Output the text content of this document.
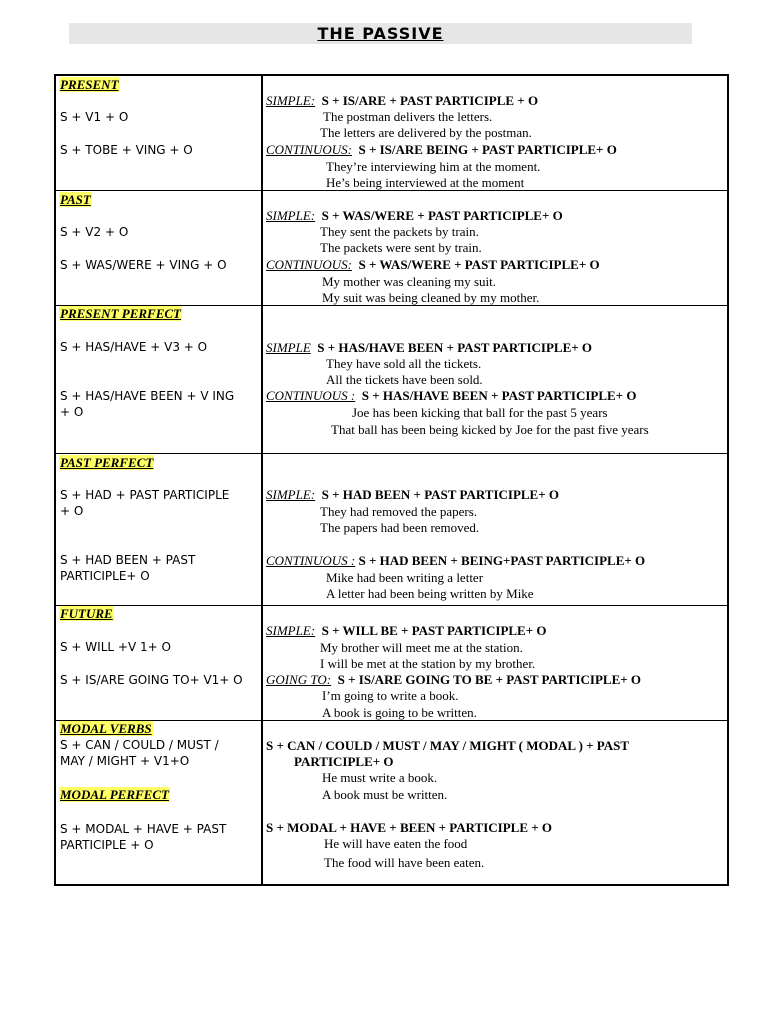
THE PASSIVE
PRESENT
S + V1 + O
S + TOBE + VING + O
SIMPLE: S + IS/ARE + PAST PARTICIPLE + O
The postman delivers the letters.
The letters are delivered by the postman.
CONTINUOUS: S + IS/ARE BEING + PAST PARTICIPLE+ O
They’re interviewing him at the moment.
He’s being interviewed at the moment
PAST
S + V2 + O
S + WAS/WERE + VING + O
SIMPLE: S + WAS/WERE + PAST PARTICIPLE+ O
They sent the packets by train.
The packets were sent by train.
CONTINUOUS: S + WAS/WERE + PAST PARTICIPLE+ O
My mother was cleaning my suit.
My suit was being cleaned by my mother.
PRESENT PERFECT
S + HAS/HAVE + V3 + O
S + HAS/HAVE BEEN + V ING
+ O
SIMPLE S + HAS/HAVE BEEN + PAST PARTICIPLE+ O
They have sold all the tickets.
All the tickets have been sold.
CONTINUOUS : S + HAS/HAVE BEEN + PAST PARTICIPLE+ O
Joe has been kicking that ball for the past 5 years
That ball has been being kicked by Joe for the past five years
PAST PERFECT
S + HAD + PAST PARTICIPLE
+ O
S + HAD BEEN + PAST
PARTICIPLE+ O
SIMPLE: S + HAD BEEN + PAST PARTICIPLE+ O
They had removed the papers.
The papers had been removed.
CONTINUOUS : S + HAD BEEN + BEING+PAST PARTICIPLE+ O
Mike had been writing a letter
A letter had been being written by Mike
FUTURE
S + WILL +V 1+ O
S + IS/ARE GOING TO+ V1+ O
SIMPLE: S + WILL BE + PAST PARTICIPLE+ O
My brother will meet me at the station.
I will be met at the station by my brother.
GOING TO: S + IS/ARE GOING TO BE + PAST PARTICIPLE+ O
I’m going to write a book.
A book is going to be written.
MODAL VERBS
S + CAN / COULD / MUST /
MAY / MIGHT + V1+O
MODAL PERFECT
S + MODAL + HAVE + PAST
PARTICIPLE + O
S + CAN / COULD / MUST / MAY / MIGHT ( MODAL ) + PAST
PARTICIPLE+ O
He must write a book.
A book must be written.
S + MODAL + HAVE + BEEN + PARTICIPLE + O
He will have eaten the food
The food will have been eaten.
